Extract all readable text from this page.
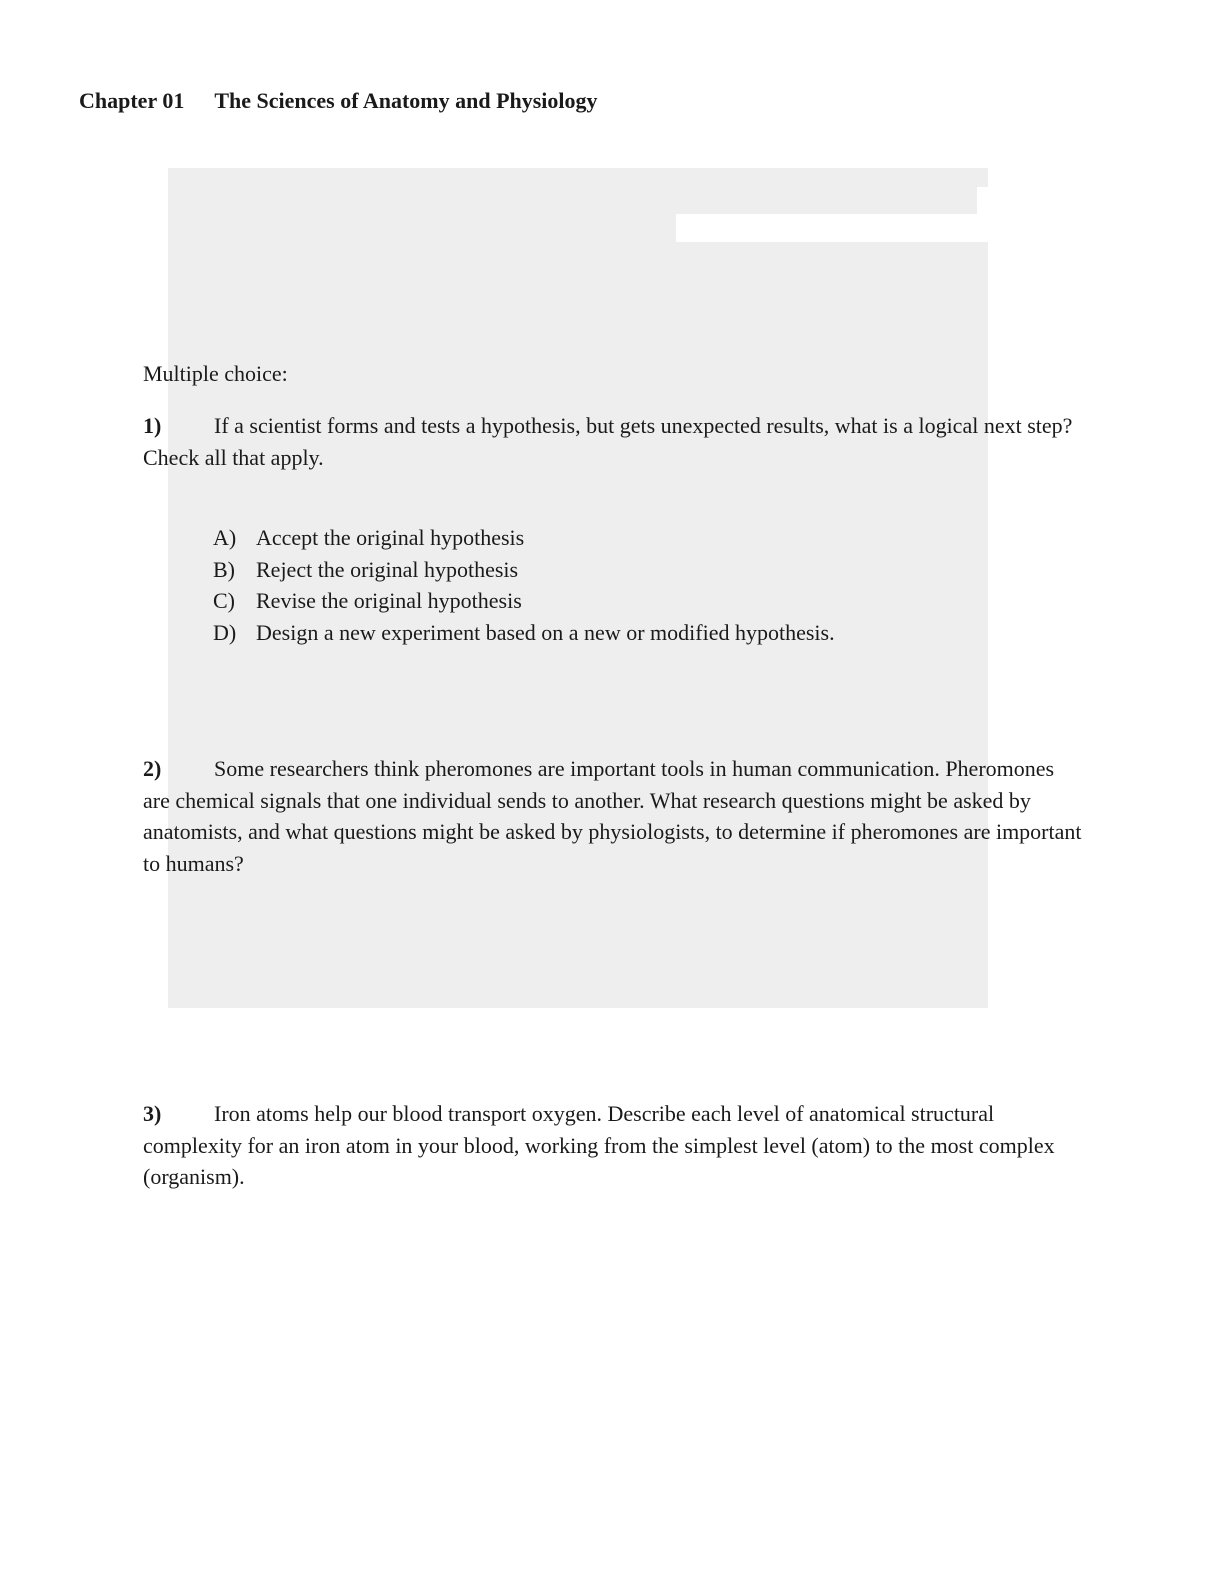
Chapter 01 The Sciences of Anatomy and Physiology
Multiple choice:
1) If a scientist forms and tests a hypothesis, but gets unexpected results, what is a logical next step? Check all that apply.
A) Accept the original hypothesis
B) Reject the original hypothesis
C) Revise the original hypothesis
D) Design a new experiment based on a new or modified hypothesis.
2) Some researchers think pheromones are important tools in human communication. Pheromones are chemical signals that one individual sends to another. What research questions might be asked by anatomists, and what questions might be asked by physiologists, to determine if pheromones are important to humans?
3) Iron atoms help our blood transport oxygen. Describe each level of anatomical structural complexity for an iron atom in your blood, working from the simplest level (atom) to the most complex (organism).
